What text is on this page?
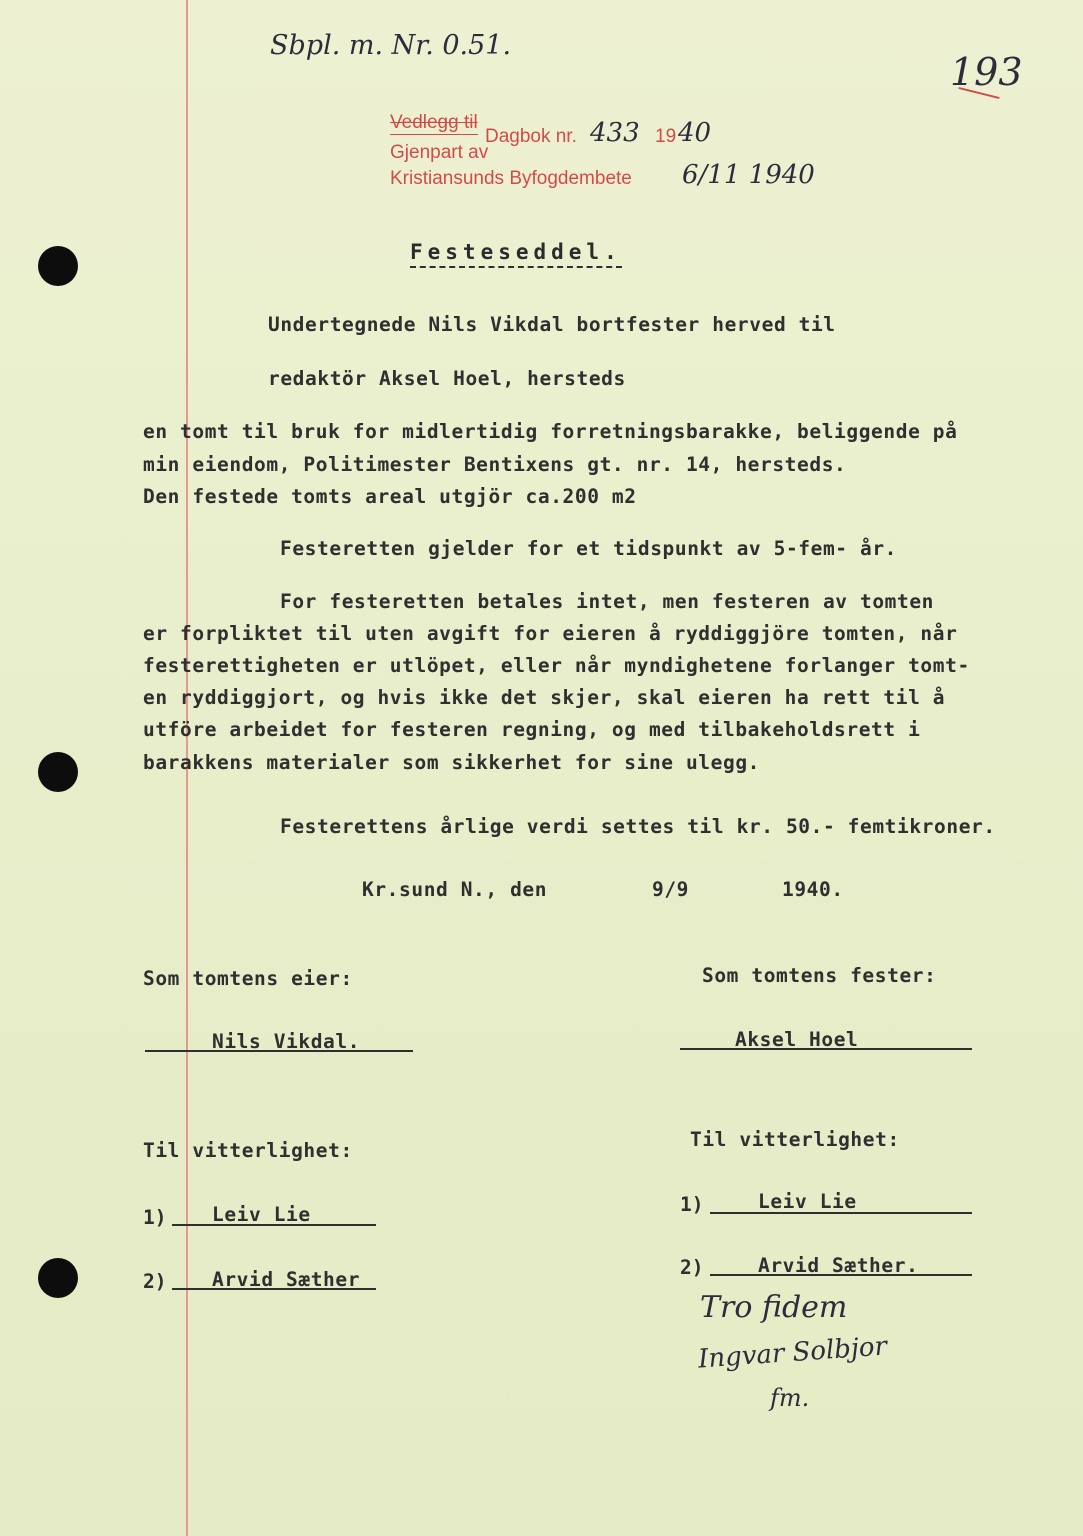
Sbpl. m. Nr. 0.51.
193
Vedlegg til Dagbok nr. 433 19 40
Gjenpart av
Kristiansunds Byfogdembete 6/11 1940
Festeseddel.
Undertegnede Nils Vikdal bortfester herved til
redaktör Aksel Hoel, hersteds
en tomt til bruk for midlertidig forretningsbarakke, beliggende på
min eiendom, Politimester Bentixens gt. nr. 14, hersteds.
Den festede tomts areal utgjör ca.200 m2
Festeretten gjelder for et tidspunkt av 5-fem- år.
For festeretten betales intet, men festeren av tomten
er forpliktet til uten avgift for eieren å ryddiggjöre tomten, når
festerettigheten er utlöpet, eller når myndighetene forlanger tomt-
en ryddiggjort, og hvis ikke det skjer, skal eieren ha rett til å
utföre arbeidet for festeren regning, og med tilbakeholdsrett i
barakkens materialer som sikkerhet for sine ulegg.
Festerettens årlige verdi settes til kr. 50.- femtikroner.
Kr.sund N., den	9/9	1940.
Som tomtens eier:	Som tomtens fester:
Nils Vikdal.	Aksel Hoel
Til vitterlighet:	Til vitterlighet:
1) Leiv Lie
2) Arvid Sæther
1)	Leiv Lie
2)	Arvid Sæther.
Tro fidem
Ingvar Solbjor
fm.
